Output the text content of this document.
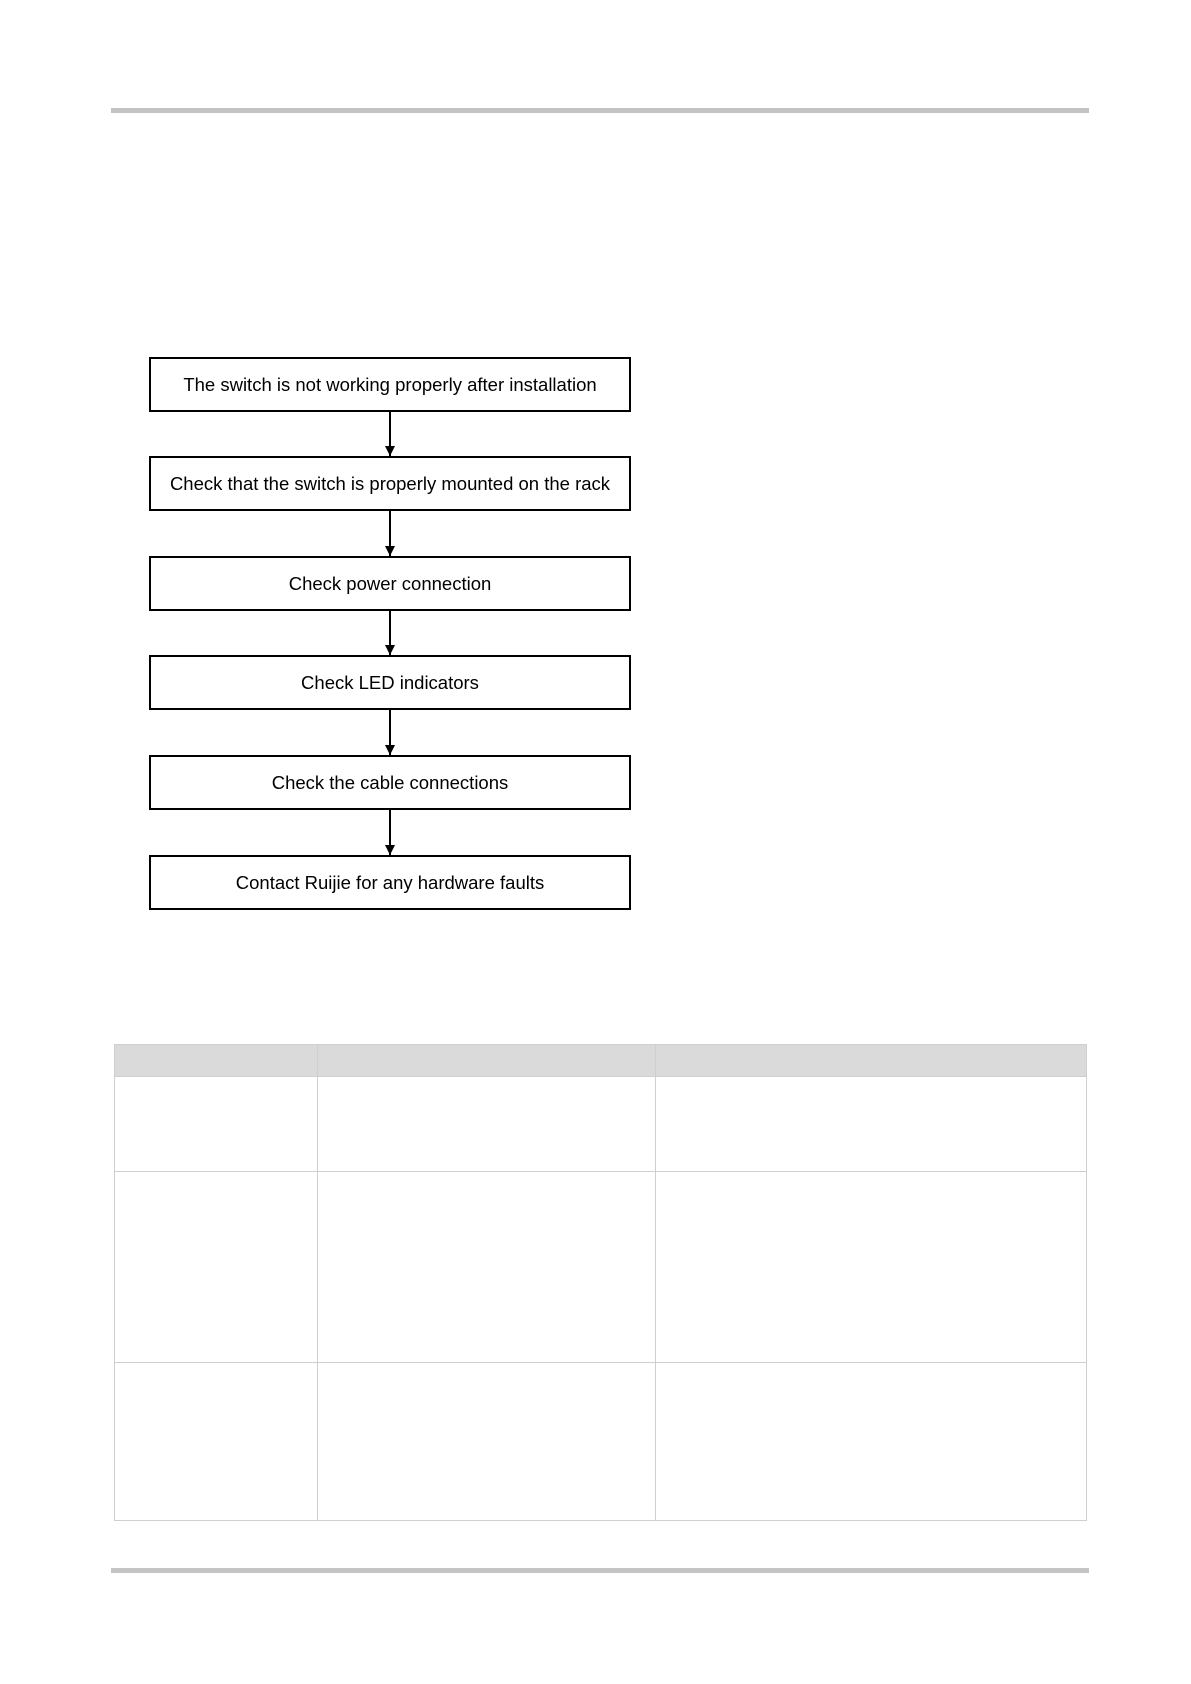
The switch is not working properly after installation
Check that the switch is properly mounted on the rack
Check power connection
Check LED indicators
Check the cable connections
Contact Ruijie for any hardware faults
